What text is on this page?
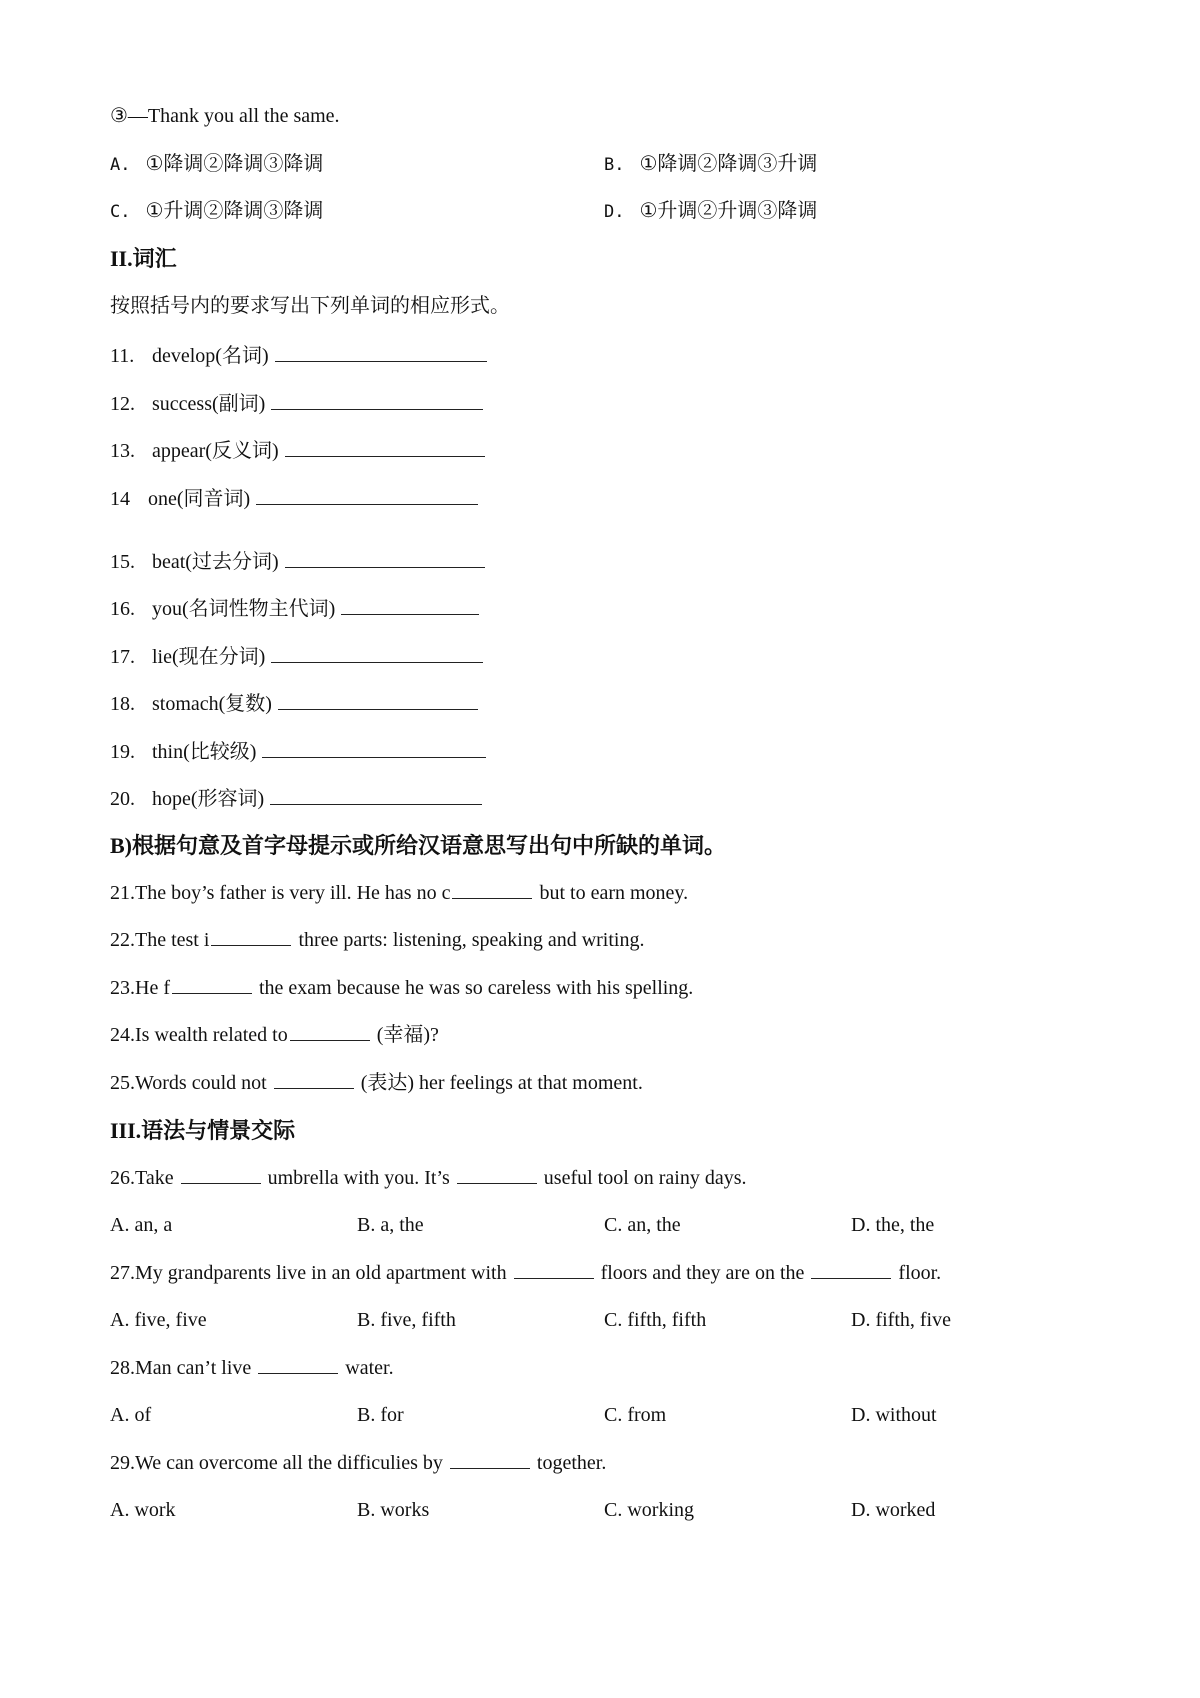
③—Thank you all the same.
A. ①降调②降调③降调	B. ①降调②降调③升调
C. ①升调②降调③降调	D. ①升调②升调③降调
II.词汇
按照括号内的要求写出下列单词的相应形式。
11. develop(名词)
12. success(副词)
13. appear(反义词)
14 one(同音词)
15. beat(过去分词)
16. you(名词性物主代词)
17. lie(现在分词)
18. stomach(复数)
19. thin(比较级)
20. hope(形容词)
B)根据句意及首字母提示或所给汉语意思写出句中所缺的单词。
21.The boy’s father is very ill. He has no c	but to earn money.
22.The test i	three parts: listening, speaking and writing.
23.He f	the exam because he was so careless with his spelling.
24.Is wealth related to	(幸福)?
25.Words could not	(表达) her feelings at that moment.
III.语法与情景交际
26.Take	umbrella with you. It’s	useful tool on rainy days.
A. an, a	B. a, the	C. an, the	D. the, the
27.My grandparents live in an old apartment with	floors and they are on the	floor.
A. five, five	B. five, fifth	C. fifth, fifth	D. fifth, five
28.Man can’t live	water.
A. of	B. for	C. from	D. without
29.We can overcome all the difficulies by	together.
A. work	B. works	C. working	D. worked
